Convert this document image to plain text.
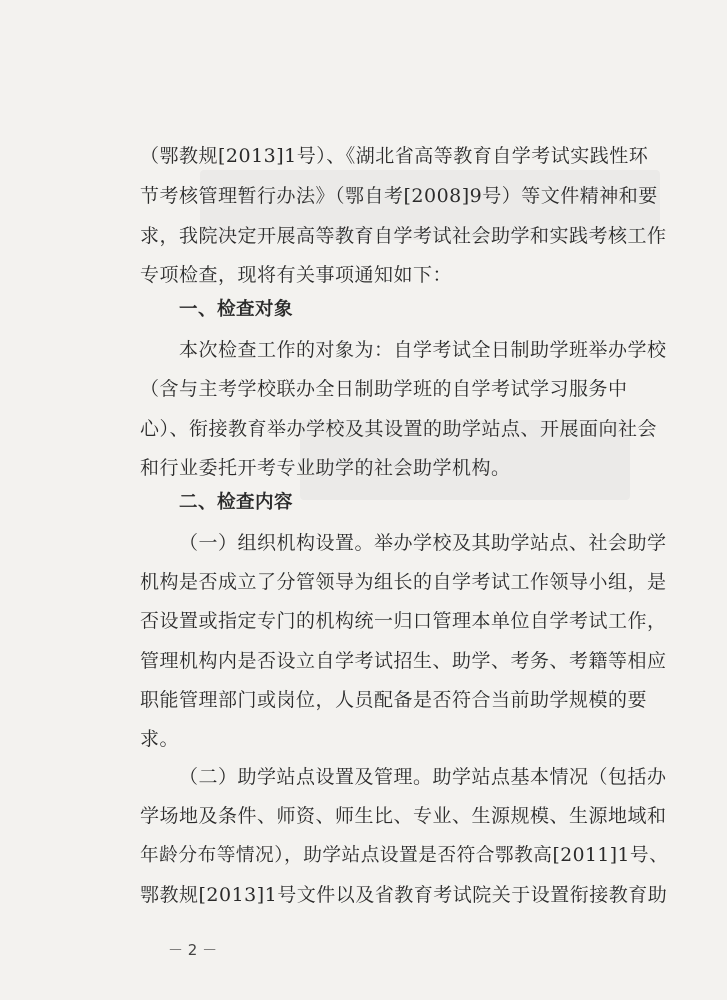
（鄂教规[2013]1号）、《湖北省高等教育自学考试实践性环
节考核管理暂行办法》（鄂自考[2008]9号）等文件精神和要
求，我院决定开展高等教育自学考试社会助学和实践考核工作
专项检查，现将有关事项通知如下：
一、检查对象
本次检查工作的对象为：自学考试全日制助学班举办学校
（含与主考学校联办全日制助学班的自学考试学习服务中
心）、衔接教育举办学校及其设置的助学站点、开展面向社会
和行业委托开考专业助学的社会助学机构。
二、检查内容
（一）组织机构设置。举办学校及其助学站点、社会助学
机构是否成立了分管领导为组长的自学考试工作领导小组，是
否设置或指定专门的机构统一归口管理本单位自学考试工作，
管理机构内是否设立自学考试招生、助学、考务、考籍等相应
职能管理部门或岗位，人员配备是否符合当前助学规模的要
求。
（二）助学站点设置及管理。助学站点基本情况（包括办
学场地及条件、师资、师生比、专业、生源规模、生源地域和
年龄分布等情况），助学站点设置是否符合鄂教高[2011]1号、
鄂教规[2013]1号文件以及省教育考试院关于设置衔接教育助
－ 2 －
